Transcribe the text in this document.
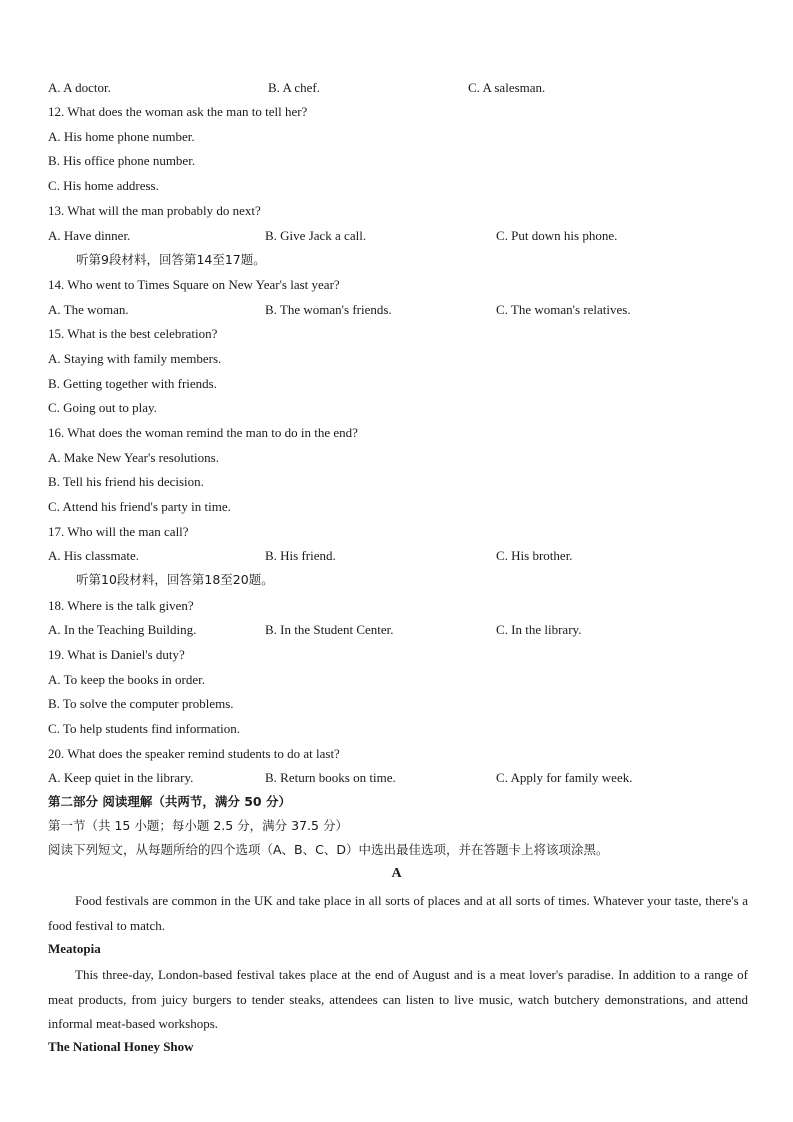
A. A doctor.	B. A chef.	C. A salesman.
12. What does the woman ask the man to tell her?
A. His home phone number.
B. His office phone number.
C. His home address.
13. What will the man probably do next?
A. Have dinner.	B. Give Jack a call.	C. Put down his phone.
听第9段材料，回答第14至17题。
14. Who went to Times Square on New Year's last year?
A. The woman.	B. The woman's friends.	C. The woman's relatives.
15. What is the best celebration?
A. Staying with family members.
B. Getting together with friends.
C. Going out to play.
16. What does the woman remind the man to do in the end?
A. Make New Year's resolutions.
B. Tell his friend his decision.
C. Attend his friend's party in time.
17. Who will the man call?
A. His classmate.	B. His friend.	C. His brother.
听第10段材料，回答第18至20题。
18. Where is the talk given?
A. In the Teaching Building.	B. In the Student Center.	C. In the library.
19. What is Daniel's duty?
A. To keep the books in order.
B. To solve the computer problems.
C. To help students find information.
20. What does the speaker remind students to do at last?
A. Keep quiet in the library.	B. Return books on time.	C. Apply for family week.
第二部分 阅读理解（共两节，满分 50 分）
第一节（共 15 小题；每小题 2.5 分，满分 37.5 分）
阅读下列短文，从每题所给的四个选项（A、B、C、D）中选出最佳选项，并在答题卡上将该项涂黑。
A
Food festivals are common in the UK and take place in all sorts of places and at all sorts of times. Whatever your taste, there's a food festival to match.
Meatopia
This three-day, London-based festival takes place at the end of August and is a meat lover's paradise. In addition to a range of meat products, from juicy burgers to tender steaks, attendees can listen to live music, watch butchery demonstrations, and attend informal meat-based workshops.
The National Honey Show
